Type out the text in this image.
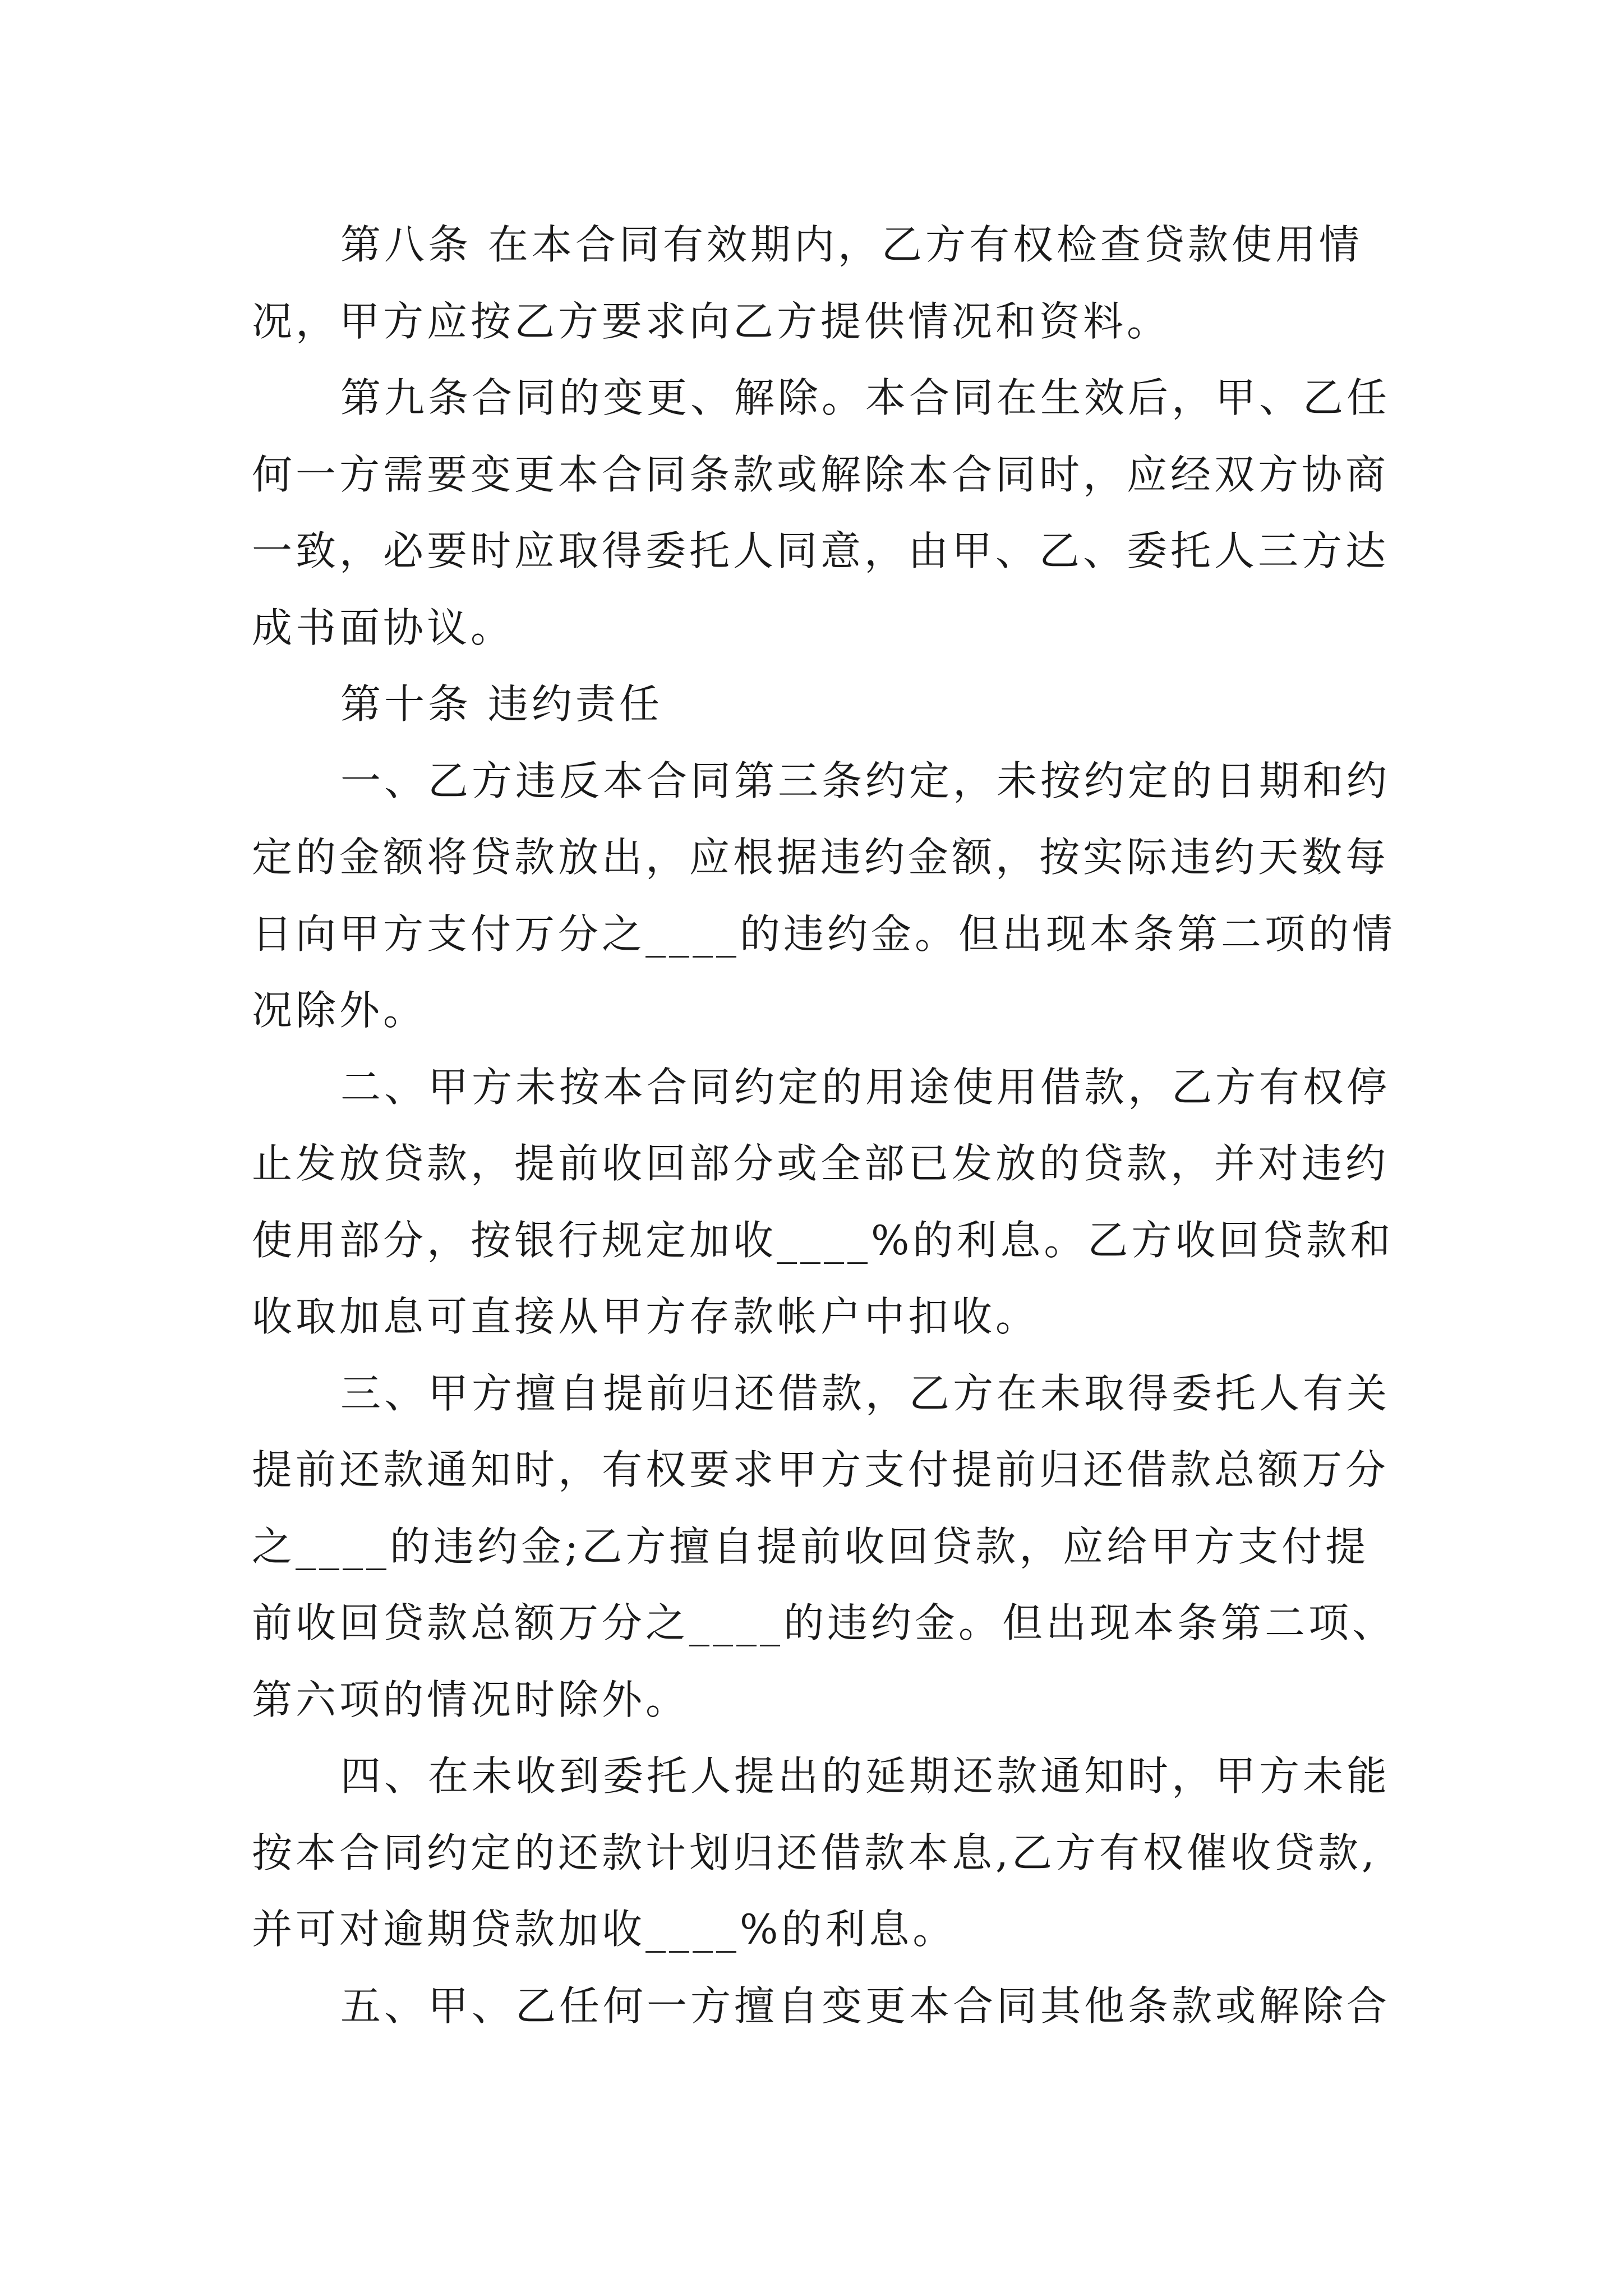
第八条 在本合同有效期内，乙方有权检查贷款使用情
况，甲方应按乙方要求向乙方提供情况和资料。
第九条合同的变更、解除。本合同在生效后，甲、乙任
何一方需要变更本合同条款或解除本合同时，应经双方协商
一致，必要时应取得委托人同意，由甲、乙、委托人三方达
成书面协议。
第十条 违约责任
一、乙方违反本合同第三条约定，未按约定的日期和约
定的金额将贷款放出，应根据违约金额，按实际违约天数每
日向甲方支付万分之____的违约金。但出现本条第二项的情
况除外。
二、甲方未按本合同约定的用途使用借款，乙方有权停
止发放贷款，提前收回部分或全部已发放的贷款，并对违约
使用部分，按银行规定加收____%的利息。乙方收回贷款和
收取加息可直接从甲方存款帐户中扣收。
三、甲方擅自提前归还借款，乙方在未取得委托人有关
提前还款通知时，有权要求甲方支付提前归还借款总额万分
之____的违约金;乙方擅自提前收回贷款，应给甲方支付提
前收回贷款总额万分之____的违约金。但出现本条第二项、
第六项的情况时除外。
四、在未收到委托人提出的延期还款通知时，甲方未能
按本合同约定的还款计划归还借款本息,乙方有权催收贷款,
并可对逾期贷款加收____%的利息。
五、甲、乙任何一方擅自变更本合同其他条款或解除合
